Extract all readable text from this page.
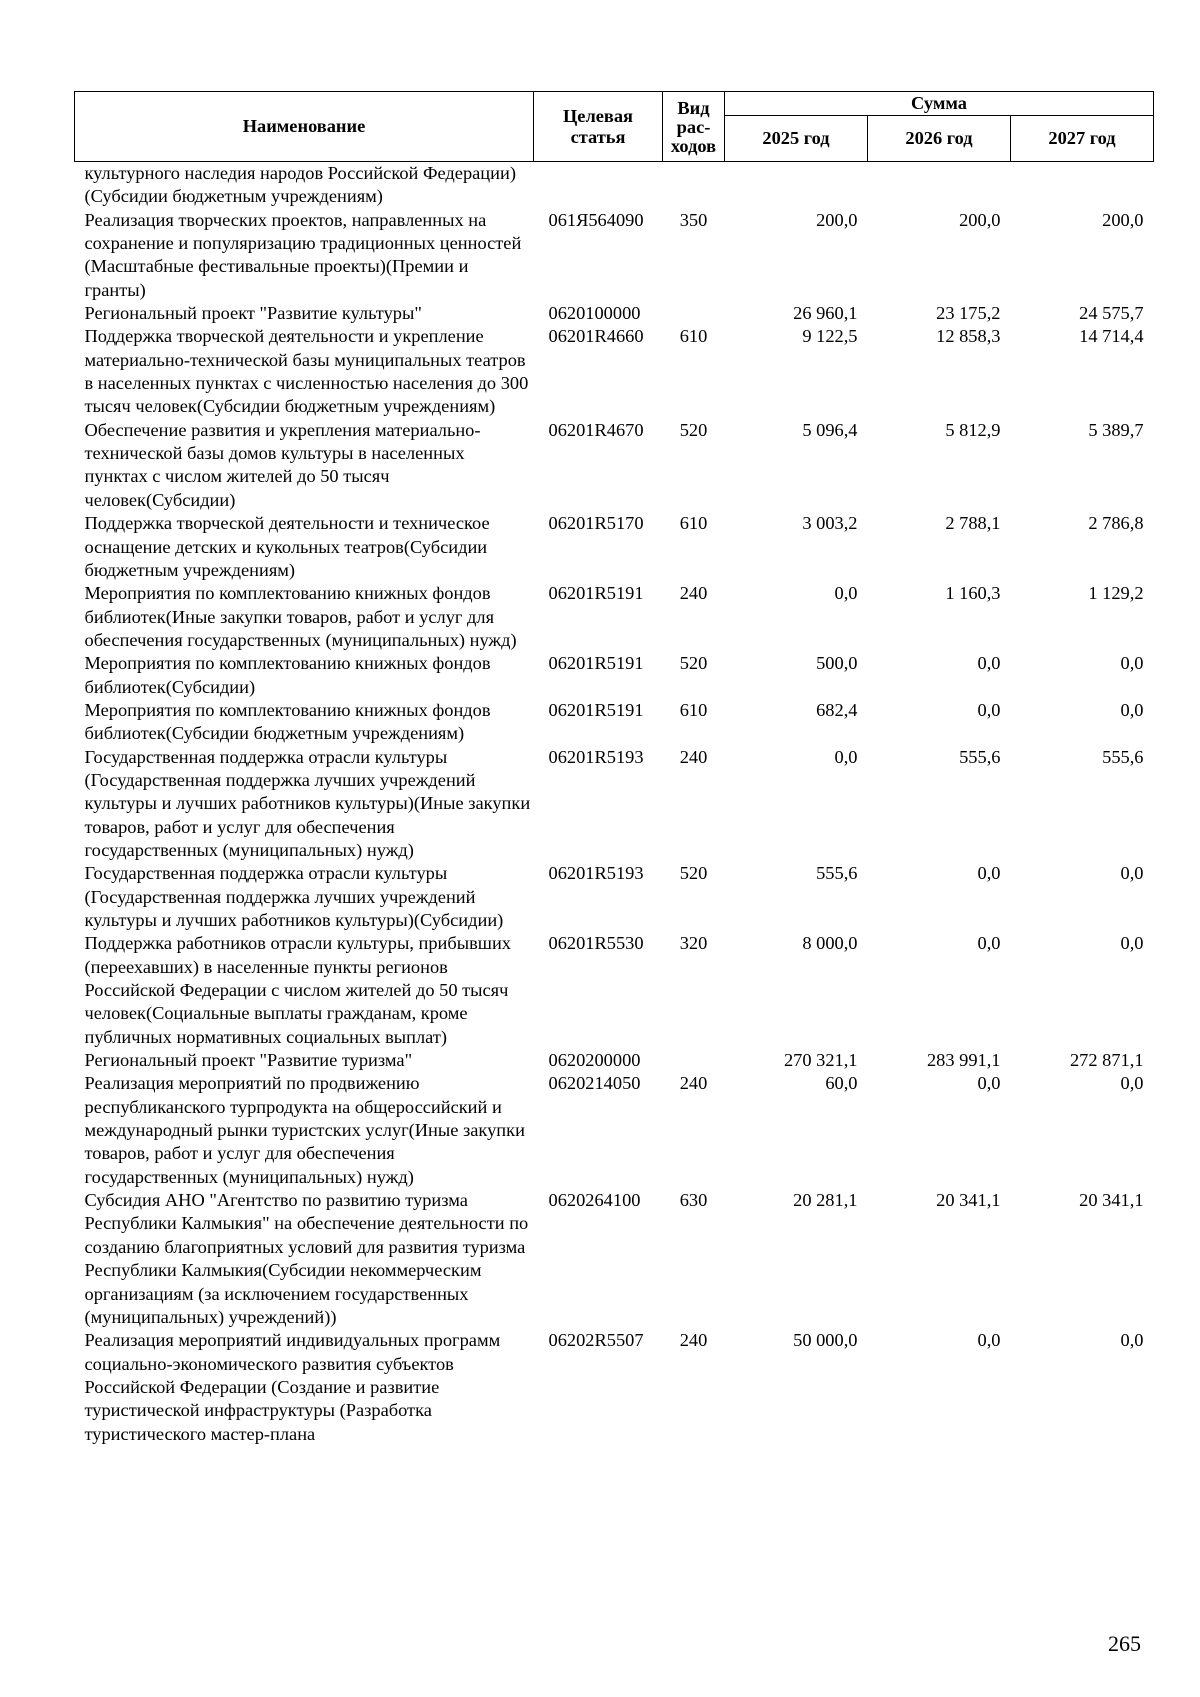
Наименование	Целевая статья	Вид рас-ходов	Сумма		
			2025 год	2026 год	2027 год
культурного наследия народов Российской Федерации)(Субсидии бюджетным учреждениям)					
Реализация творческих проектов, направленных на сохранение и популяризацию традиционных ценностей (Масштабные фестивальные проекты)(Премии и гранты)	061Я564090	350	200,0	200,0	200,0
Региональный проект "Развитие культуры"	0620100000		26 960,1	23 175,2	24 575,7
Поддержка творческой деятельности и укрепление материально-технической базы муниципальных театров в населенных пунктах с численностью населения до 300 тысяч человек(Субсидии бюджетным учреждениям)	06201R4660	610	9 122,5	12 858,3	14 714,4
Обеспечение развития и укрепления материально-технической базы домов культуры в населенных пунктах с числом жителей до 50 тысяч человек(Субсидии)	06201R4670	520	5 096,4	5 812,9	5 389,7
Поддержка творческой деятельности и техническое оснащение детских и кукольных театров(Субсидии бюджетным учреждениям)	06201R5170	610	3 003,2	2 788,1	2 786,8
Мероприятия по комплектованию книжных фондов библиотек(Иные закупки товаров, работ и услуг для обеспечения государственных (муниципальных) нужд)	06201R5191	240	0,0	1 160,3	1 129,2
Мероприятия по комплектованию книжных фондов библиотек(Субсидии)	06201R5191	520	500,0	0,0	0,0
Мероприятия по комплектованию книжных фондов библиотек(Субсидии бюджетным учреждениям)	06201R5191	610	682,4	0,0	0,0
Государственная поддержка отрасли культуры (Государственная поддержка лучших учреждений культуры и лучших работников культуры)(Иные закупки товаров, работ и услуг для обеспечения государственных (муниципальных) нужд)	06201R5193	240	0,0	555,6	555,6
Государственная поддержка отрасли культуры (Государственная поддержка лучших учреждений культуры и лучших работников культуры)(Субсидии)	06201R5193	520	555,6	0,0	0,0
Поддержка работников отрасли культуры, прибывших (переехавших) в населенные пункты регионов Российской Федерации с числом жителей до 50 тысяч человек(Социальные выплаты гражданам, кроме публичных нормативных социальных выплат)	06201R5530	320	8 000,0	0,0	0,0
Региональный проект "Развитие туризма"	0620200000		270 321,1	283 991,1	272 871,1
Реализация мероприятий по продвижению республиканского турпродукта на общероссийский и международный рынки туристских услуг(Иные закупки товаров, работ и услуг для обеспечения государственных (муниципальных) нужд)	0620214050	240	60,0	0,0	0,0
Субсидия АНО "Агентство по развитию туризма Республики Калмыкия" на обеспечение деятельности по созданию благоприятных условий для развития туризма Республики Калмыкия(Субсидии некоммерческим организациям (за исключением государственных (муниципальных) учреждений))	0620264100	630	20 281,1	20 341,1	20 341,1
Реализация мероприятий индивидуальных программ социально-экономического развития субъектов Российской Федерации (Создание и развитие туристической инфраструктуры (Разработка туристического мастер-плана	06202R5507	240	50 000,0	0,0	0,0
265
